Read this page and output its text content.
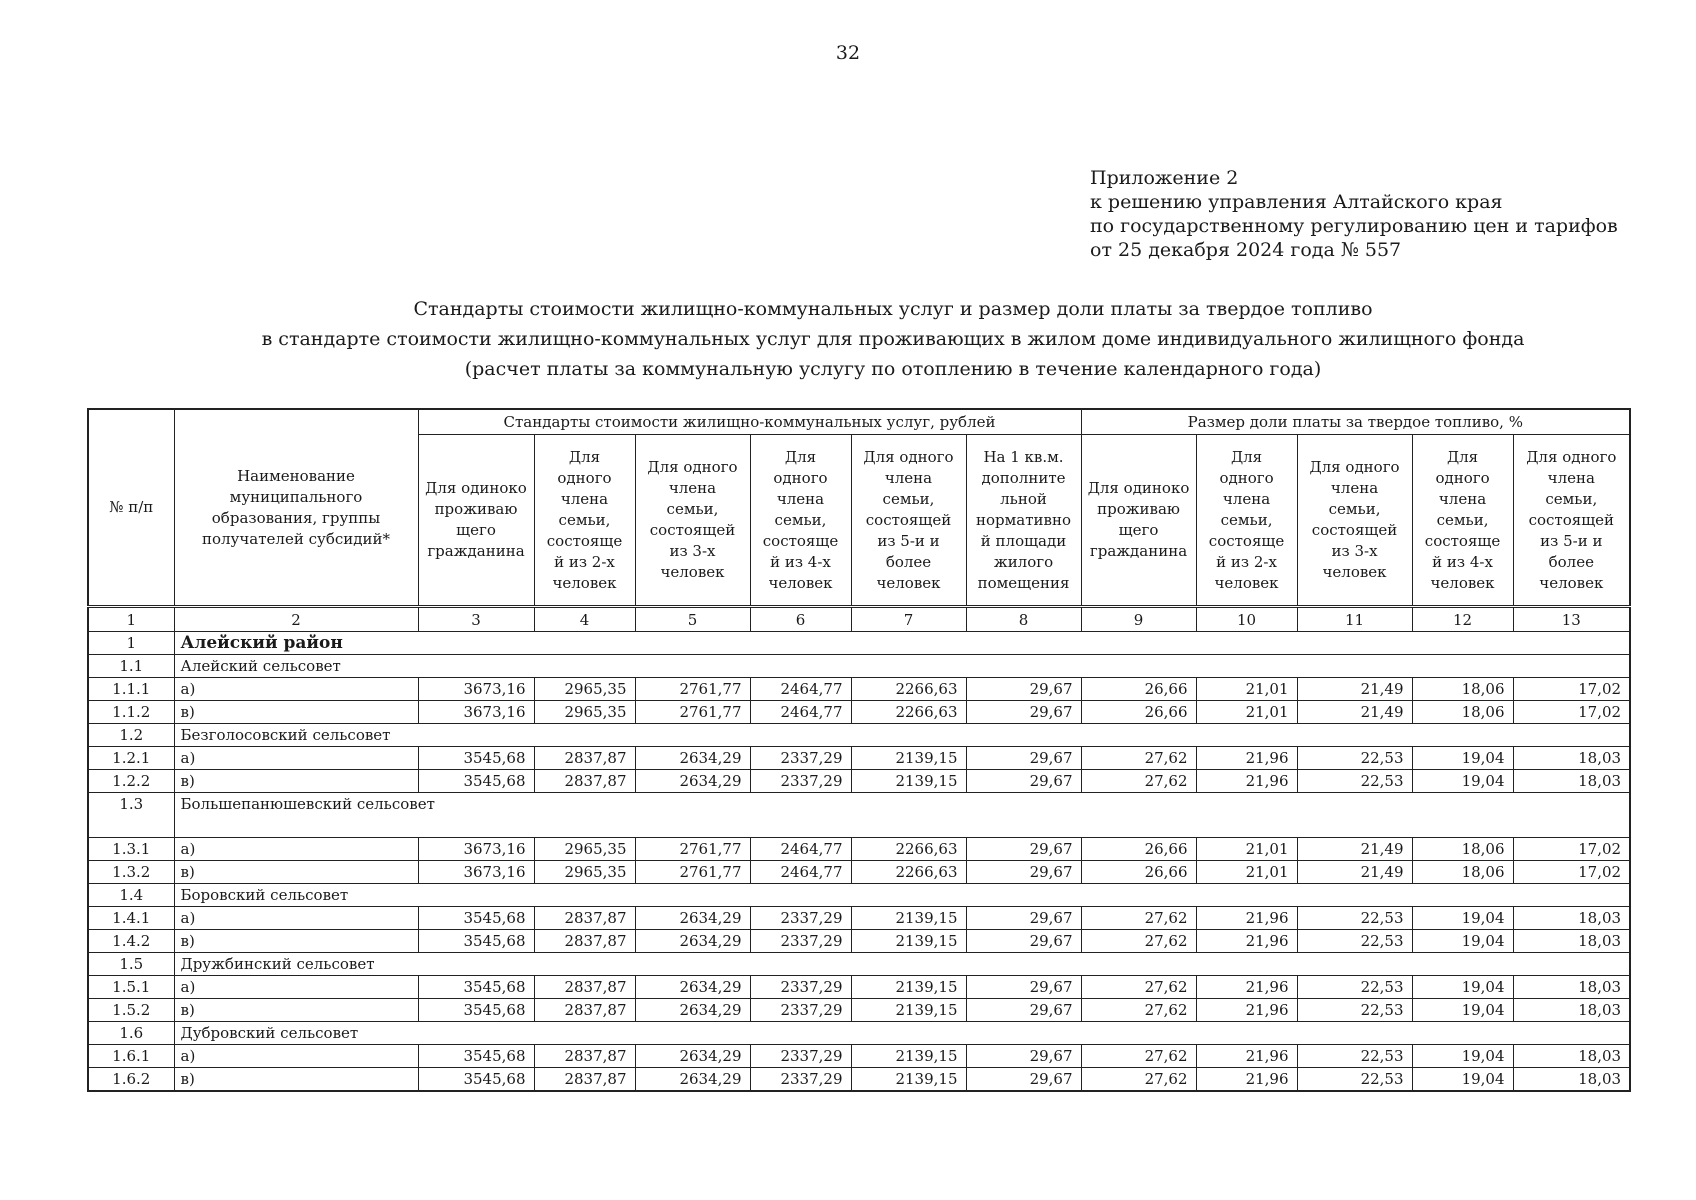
32
Приложение 2
к решению управления Алтайского края
по государственному регулированию цен и тарифов
от 25 декабря 2024 года № 557
Стандарты стоимости жилищно-коммунальных услуг и размер доли платы за твердое топливо
в стандарте стоимости жилищно-коммунальных услуг для проживающих в жилом доме индивидуального жилищного фонда
(расчет платы за коммунальную услугу по отоплению в течение календарного года)
№ п/п	Наименование муниципального образования, группы получателей субсидий*	Стандарты стоимости жилищно-коммунальных услуг, рублей						Размер доли платы за твердое топливо, %				
		Для одиноко проживаю щего гражданина	Для одного члена семьи, состояще й из 2-х человек	Для одного члена семьи, состоящей из 3-х человек	Для одного члена семьи, состояще й из 4-х человек	Для одного члена семьи, состоящей из 5-и и более человек	На 1 кв.м. дополните льной нормативно й площади жилого помещения	Для одиноко проживаю щего гражданина	Для одного члена семьи, состояще й из 2-х человек	Для одного члена семьи, состоящей из 3-х человек	Для одного члена семьи, состояще й из 4-х человек	Для одного члена семьи, состоящей из 5-и и более человек
1	2	3	4	5	6	7	8	9	10	11	12	13
1	Алейский район											
1.1	Алейский сельсовет											
1.1.1	а)	3673,16	2965,35	2761,77	2464,77	2266,63	29,67	26,66	21,01	21,49	18,06	17,02
1.1.2	в)	3673,16	2965,35	2761,77	2464,77	2266,63	29,67	26,66	21,01	21,49	18,06	17,02
1.2	Безголосовский сельсовет											
1.2.1	а)	3545,68	2837,87	2634,29	2337,29	2139,15	29,67	27,62	21,96	22,53	19,04	18,03
1.2.2	в)	3545,68	2837,87	2634,29	2337,29	2139,15	29,67	27,62	21,96	22,53	19,04	18,03
1.3	Большепанюшевский сельсовет											
1.3.1	а)	3673,16	2965,35	2761,77	2464,77	2266,63	29,67	26,66	21,01	21,49	18,06	17,02
1.3.2	в)	3673,16	2965,35	2761,77	2464,77	2266,63	29,67	26,66	21,01	21,49	18,06	17,02
1.4	Боровский сельсовет											
1.4.1	а)	3545,68	2837,87	2634,29	2337,29	2139,15	29,67	27,62	21,96	22,53	19,04	18,03
1.4.2	в)	3545,68	2837,87	2634,29	2337,29	2139,15	29,67	27,62	21,96	22,53	19,04	18,03
1.5	Дружбинский сельсовет											
1.5.1	а)	3545,68	2837,87	2634,29	2337,29	2139,15	29,67	27,62	21,96	22,53	19,04	18,03
1.5.2	в)	3545,68	2837,87	2634,29	2337,29	2139,15	29,67	27,62	21,96	22,53	19,04	18,03
1.6	Дубровский сельсовет											
1.6.1	а)	3545,68	2837,87	2634,29	2337,29	2139,15	29,67	27,62	21,96	22,53	19,04	18,03
1.6.2	в)	3545,68	2837,87	2634,29	2337,29	2139,15	29,67	27,62	21,96	22,53	19,04	18,03
